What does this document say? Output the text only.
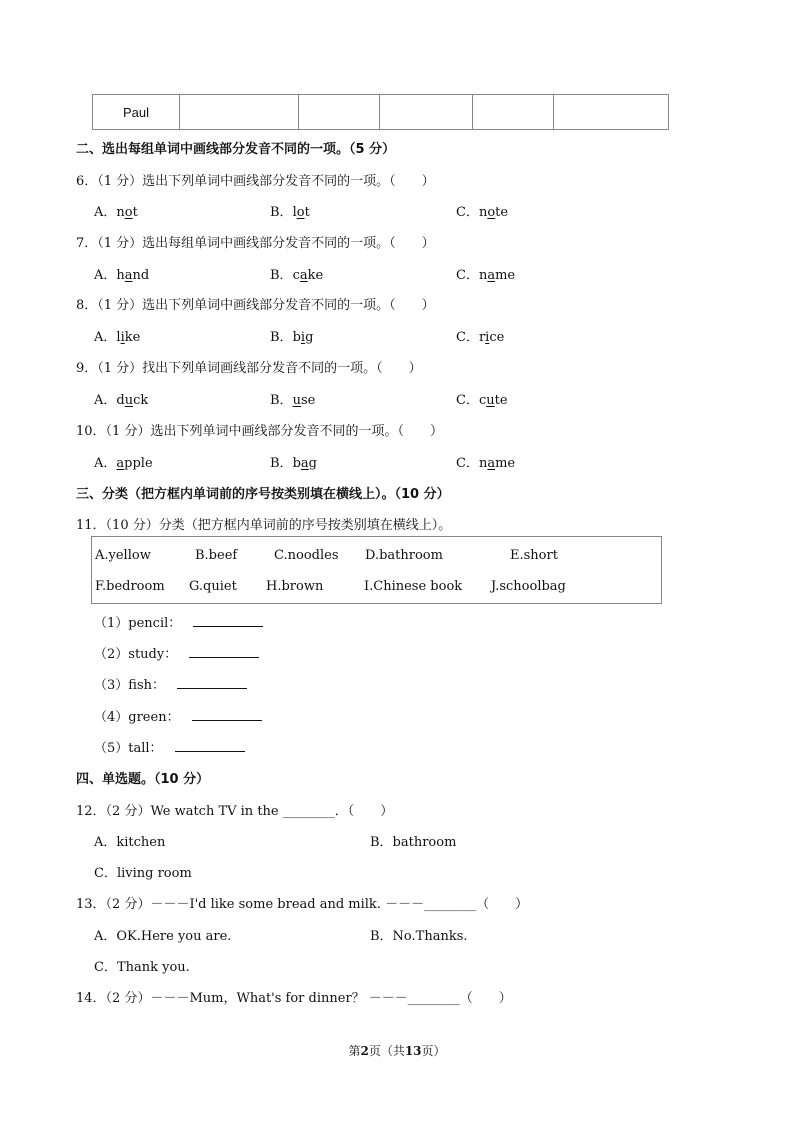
Paul					
二、选出每组单词中画线部分发音不同的一项。（5 分）
6．（1 分）选出下列单词中画线部分发音不同的一项。（　　）
A．not	B．lot	C．note
7．（1 分）选出每组单词中画线部分发音不同的一项。（　　）
A．hand	B．cake	C．name
8．（1 分）选出下列单词中画线部分发音不同的一项。（　　）
A．like	B．big	C．rice
9．（1 分）找出下列单词画线部分发音不同的一项。（　　）
A．duck	B．use	C．cute
10．（1 分）选出下列单词中画线部分发音不同的一项。（　　）
A．apple	B．bag	C．name
三、分类（把方框内单词前的序号按类别填在横线上）。（10 分）
11．（10 分）分类（把方框内单词前的序号按类别填在横线上）。
A.yellow	B.beef	C.noodles D.bathroom	E.short
F.bedroom G.quiet H.brown	I.Chinese book J.schoolbag
（1）pencil：
（2）study：
（3）fish：
（4）green：
（5）tall：
四、单选题。（10 分）
12．（2 分）We watch TV in the ________．（　　）
A．kitchen	B．bathroom
C．living room
13．（2 分）－－－I'd like some bread and milk. －－－________（　　）
A．OK.Here you are.	B．No.Thanks.
C．Thank you.
14．（2 分）－－－Mum，What's for dinner？ －－－________（　　）
第2页（共13页）
